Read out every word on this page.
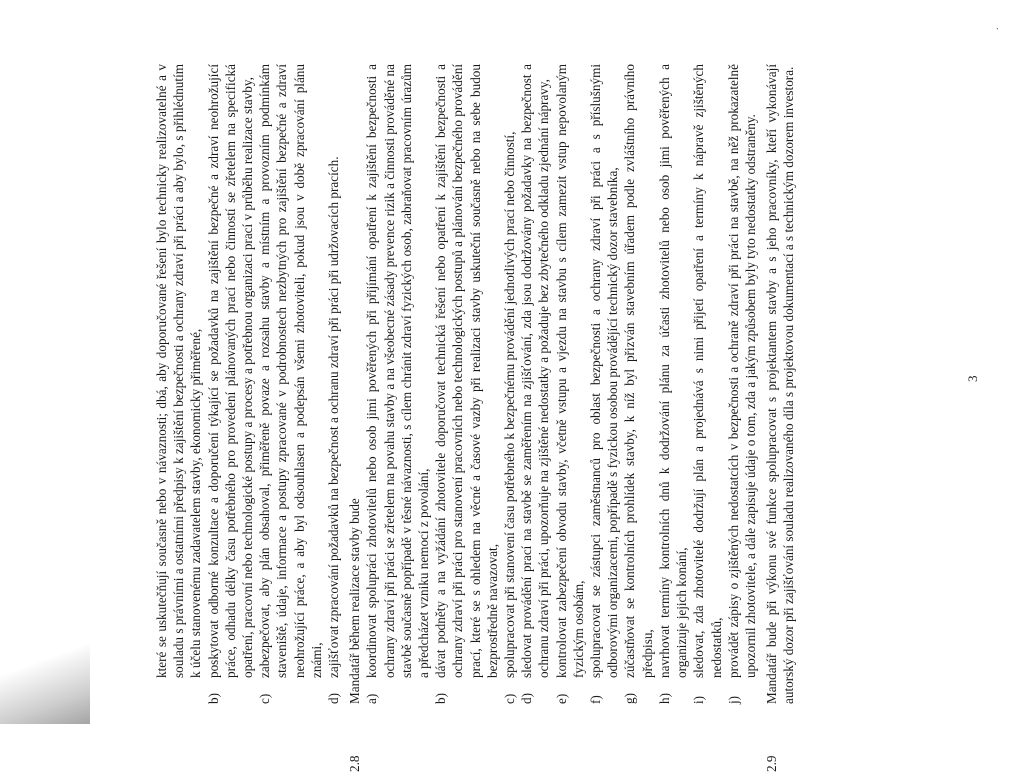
které se uskutečňují současně nebo v návaznosti; dbá, aby doporučované řešení bylo technicky realizovatelné a v souladu s právními a ostatními předpisy k zajištění bezpečnosti a ochrany zdraví při práci a aby bylo, s přihlédnutím k účelu stanovenému zadavatelem stavby, ekonomicky přiměřené,
b)
poskytovat odborné konzultace a doporučení týkající se požadavků na zajištění bezpečné a zdraví neohrožující práce, odhadu délky času potřebného pro provedení plánovaných prací nebo činností se zřetelem na specifická opatření, pracovní nebo technologické postupy a procesy a potřebnou organizaci prací v průběhu realizace stavby,
c)
zabezpečovat, aby plán obsahoval, přiměřeně povaze a rozsahu stavby a místním a provozním podmínkám staveniště, údaje, informace a postupy zpracované v podrobnostech nezbytných pro zajištění bezpečné a zdraví neohrožující práce, a aby byl odsouhlasen a podepsán všemi zhotoviteli, pokud jsou v době zpracování plánu známi,
d)
zajišťovat zpracování požadavků na bezpečnost a ochranu zdraví při práci při udržovacích pracích.
2.8

Mandatář během realizace stavby bude a)
koordinovat spolupráci zhotovitelů nebo osob jimi pověřených při přijímání opatření k zajištění bezpečnosti a ochrany zdraví při práci se zřetelem na povahu stavby a na všeobecné zásady prevence rizik a činnosti prováděné na stavbě současně popřípadě v těsné návaznosti, s cílem chránit zdraví fyzických osob, zabraňovat pracovním úrazům a předcházet vzniku nemocí z povolání,
b)
dávat podněty a na vyžádání zhotovitele doporučovat technická řešení nebo opatření k zajištění bezpečnosti a ochrany zdraví při práci pro stanovení pracovních nebo technologických postupů a plánování bezpečného provádění prací, které se s ohledem na věcné a časové vazby při realizaci stavby uskuteční současně nebo na sebe budou bezprostředně navazovat,
c)
spolupracovat při stanovení času potřebného k bezpečnému provádění jednotlivých prací nebo činností,
d)
sledovat provádění prací na stavbě se zaměřením na zjišťování, zda jsou dodržovány požadavky na bezpečnost a ochranu zdraví při práci, upozorňuje na zjištěné nedostatky a požaduje bez zbytečného odkladu zjednání nápravy,
e)
kontrolovat zabezpečení obvodu stavby, včetně vstupu a vjezdu na stavbu s cílem zamezit vstup nepovolaným fyzickým osobám,
f)
spolupracovat se zástupci zaměstnanců pro oblast bezpečnosti a ochrany zdraví při práci a s příslušnými odborovými organizacemi, popřípadě s fyzickou osobou provádějící technický dozor stavebníka,
g)
zúčastňovat se kontrolních prohlídek stavby, k níž byl přizván stavebním úřadem podle zvláštního právního předpisu,
h)
navrhovat termíny kontrolních dnů k dodržování plánu za účasti zhotovitelů nebo osob jimi pověřených a organizuje jejich konání,
i)
sledovat, zda zhotovitelé dodržují plán a projednává s nimi přijetí opatření a termíny k nápravě zjištěných nedostatků,
j)
provádět zápisy o zjištěných nedostatcích v bezpečnosti a ochraně zdraví při práci na stavbě, na něž prokazatelně upozornil zhotovitele, a dále zapisuje údaje o tom, zda a jakým způsobem byly tyto nedostatky odstraněny.
2.9

Mandatář bude při výkonu své funkce spolupracovat s projektantem stavby a s jeho pracovníky, kteří vykonávají autorský dozor při zajišťování souladu realizovaného díla s projektovou dokumentací a s technickým dozorem investora.	3
.
